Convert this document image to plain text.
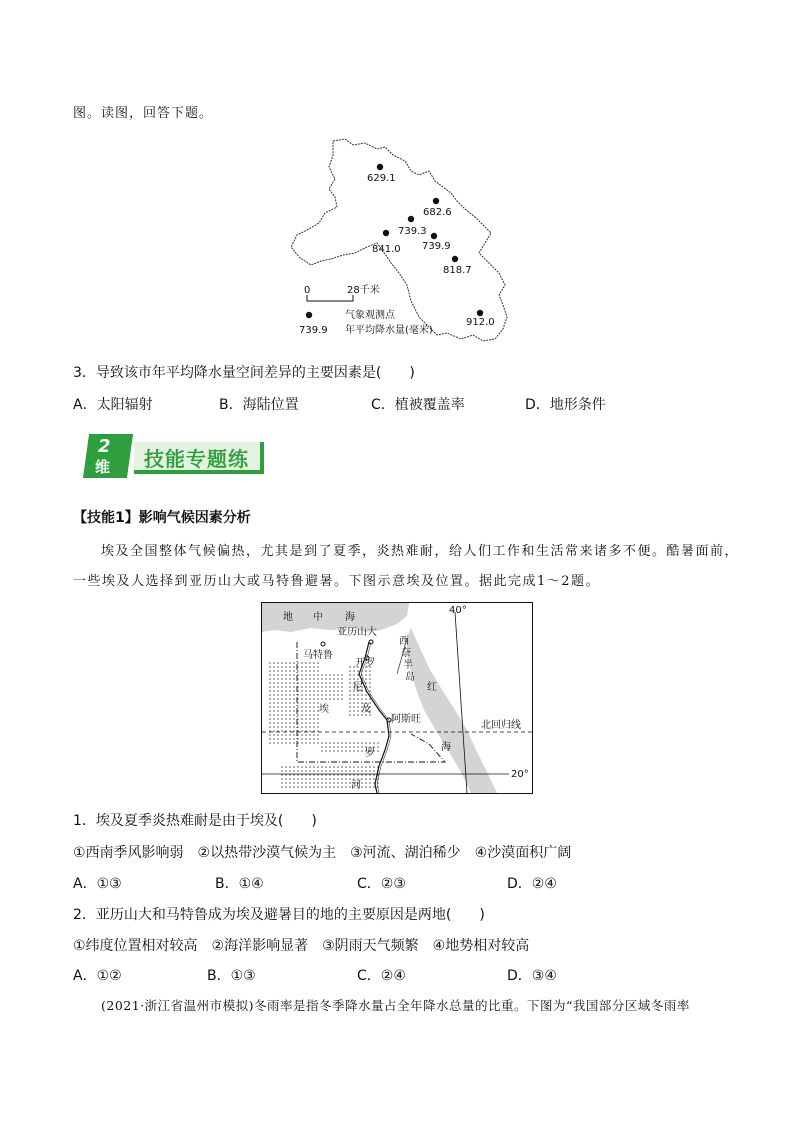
图。读图，回答下题。
629.1
682.6
739.3
841.0 739.9
818.7
912.0
0	28千米
739.9
气象观测点
年平均降水量(毫米)
3．导致该市年平均降水量空间差异的主要因素是(　　)
A．太阳辐射	B．海陆位置	C．植被覆盖率	D．地形条件
2
维 技能专题练
【技能1】影响气候因素分析
埃及全国整体气候偏热，尤其是到了夏季，炎热难耐，给人们工作和生活常来诸多不便。酷暑面前，
一些埃及人选择到亚历山大或马特鲁避暑。下图示意埃及位置。据此完成1～2题。
地 中 海
亚历山大
马特鲁
开罗
西
奈
半
岛
尼
罗
河
埃	及
阿斯旺
红
海
北回归线
40°
20°
1．埃及夏季炎热难耐是由于埃及(　　)
①西南季风影响弱　②以热带沙漠气候为主　③河流、湖泊稀少　④沙漠面积广阔
A．①③	B．①④	C．②③	D．②④
2．亚历山大和马特鲁成为埃及避暑目的地的主要原因是两地(　　)
①纬度位置相对较高　②海洋影响显著　③阴雨天气频繁　④地势相对较高
A．①②	B．①③	C．②④	D．③④
(2021·浙江省温州市模拟)冬雨率是指冬季降水量占全年降水总量的比重。下图为“我国部分区域冬雨率
